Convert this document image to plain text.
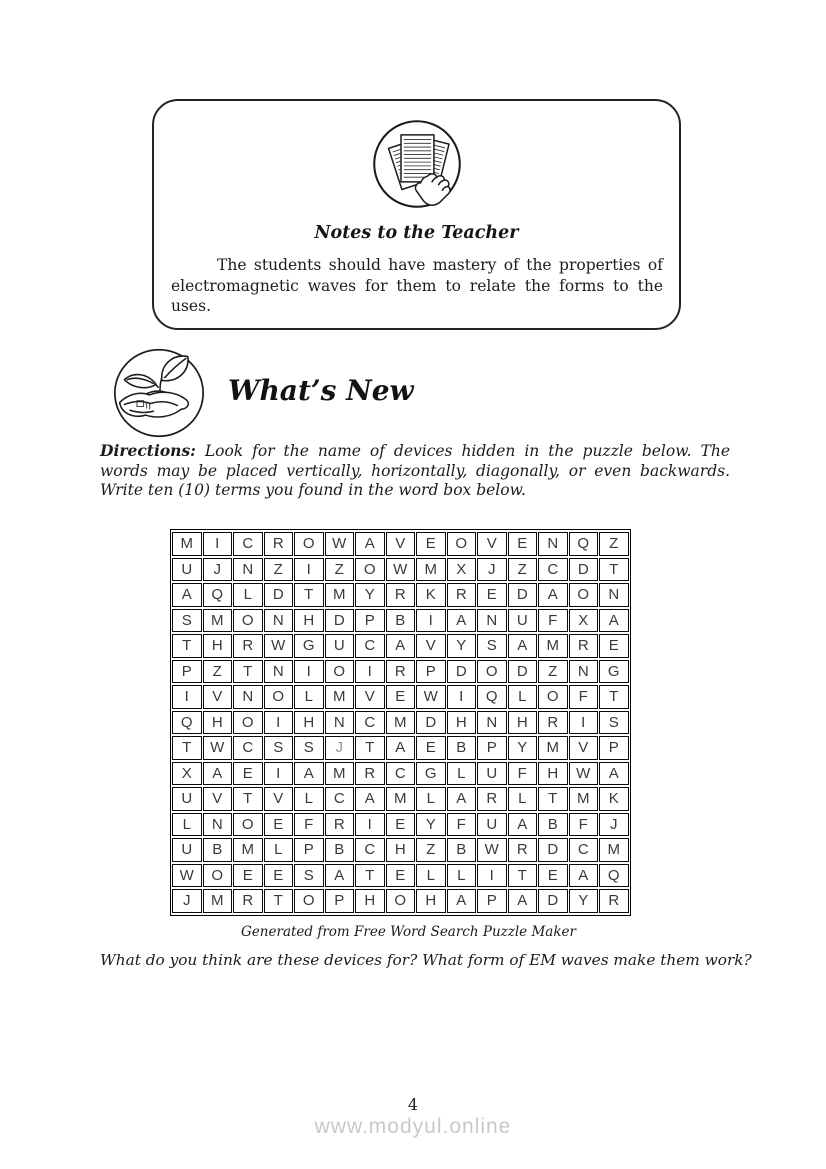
Notes to the Teacher
The students should have mastery of the properties of electromagnetic waves for them to relate the forms to the uses.
What’s New
Directions: Look for the name of devices hidden in the puzzle below. The words may be placed vertically, horizontally, diagonally, or even backwards. Write ten (10) terms you found in the word box below.
M	I	C	R	O	W	A	V	E	O	V	E	N	Q	Z
U	J	N	Z	I	Z	O	W	M	X	J	Z	C	D	T
A	Q	L	D	T	M	Y	R	K	R	E	D	A	O	N
S	M	O	N	H	D	P	B	I	A	N	U	F	X	A
T	H	R	W	G	U	C	A	V	Y	S	A	M	R	E
P	Z	T	N	I	O	I	R	P	D	O	D	Z	N	G
I	V	N	O	L	M	V	E	W	I	Q	L	O	F	T
Q	H	O	I	H	N	C	M	D	H	N	H	R	I	S
T	W	C	S	S	J	T	A	E	B	P	Y	M	V	P
X	A	E	I	A	M	R	C	G	L	U	F	H	W	A
U	V	T	V	L	C	A	M	L	A	R	L	T	M	K
L	N	O	E	F	R	I	E	Y	F	U	A	B	F	J
U	B	M	L	P	B	C	H	Z	B	W	R	D	C	M
W	O	E	E	S	A	T	E	L	L	I	T	E	A	Q
J	M	R	T	O	P	H	O	H	A	P	A	D	Y	R
Generated from Free Word Search Puzzle Maker
What do you think are these devices for? What form of EM waves make them work?
4
www.modyul.online
